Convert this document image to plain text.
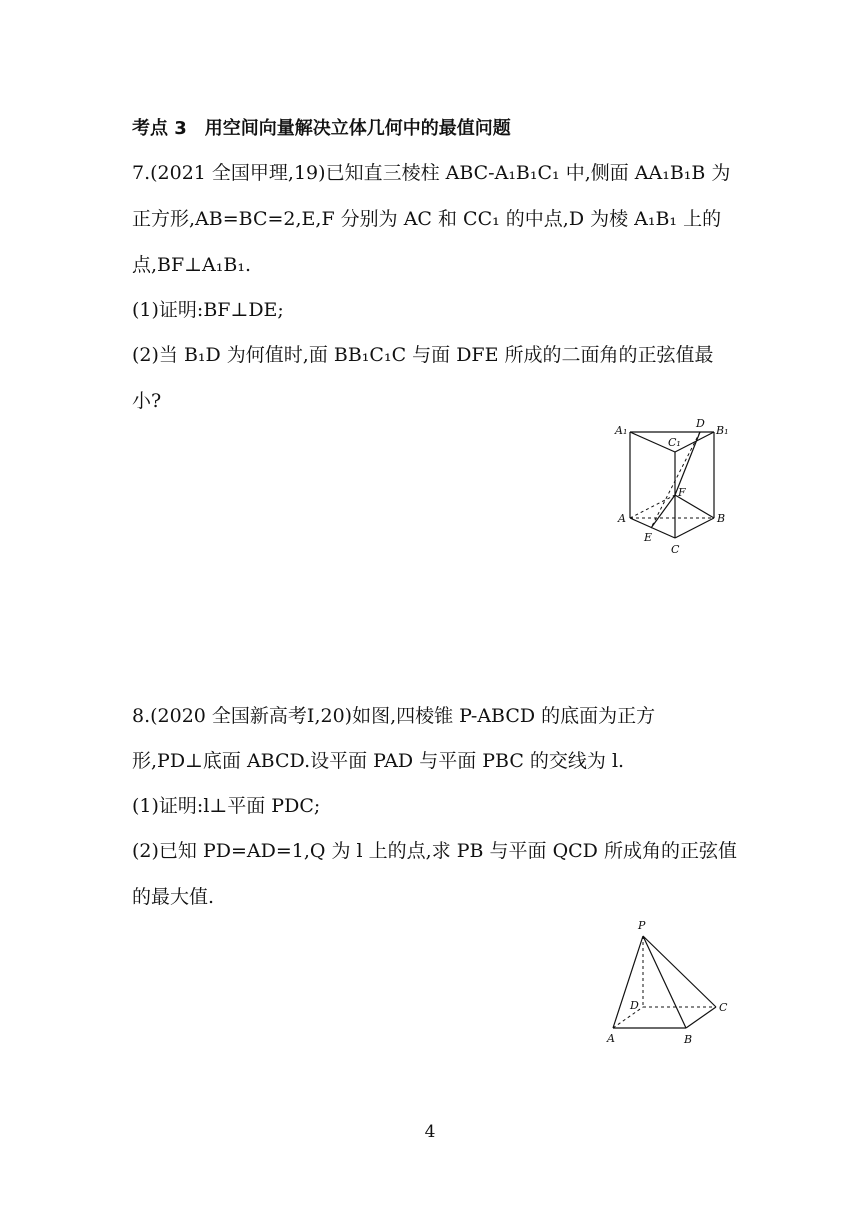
考点 3　用空间向量解决立体几何中的最值问题
7.(2021 全国甲理,19)已知直三棱柱 ABC-A₁B₁C₁ 中,侧面 AA₁B₁B 为
正方形,AB=BC=2,E,F 分别为 AC 和 CC₁ 的中点,D 为棱 A₁B₁ 上的
点,BF⊥A₁B₁.
(1)证明:BF⊥DE;
(2)当 B₁D 为何值时,面 BB₁C₁C 与面 DFE 所成的二面角的正弦值最
小?
A₁
C₁
D
B₁
F
A	B
E
C
8.(2020 全国新高考Ⅰ,20)如图,四棱锥 P-ABCD 的底面为正方
形,PD⊥底面 ABCD.设平面 PAD 与平面 PBC 的交线为 l.
(1)证明:l⊥平面 PDC;
(2)已知 PD=AD=1,Q 为 l 上的点,求 PB 与平面 QCD 所成角的正弦值
的最大值.
P
D	C
A	B
4
